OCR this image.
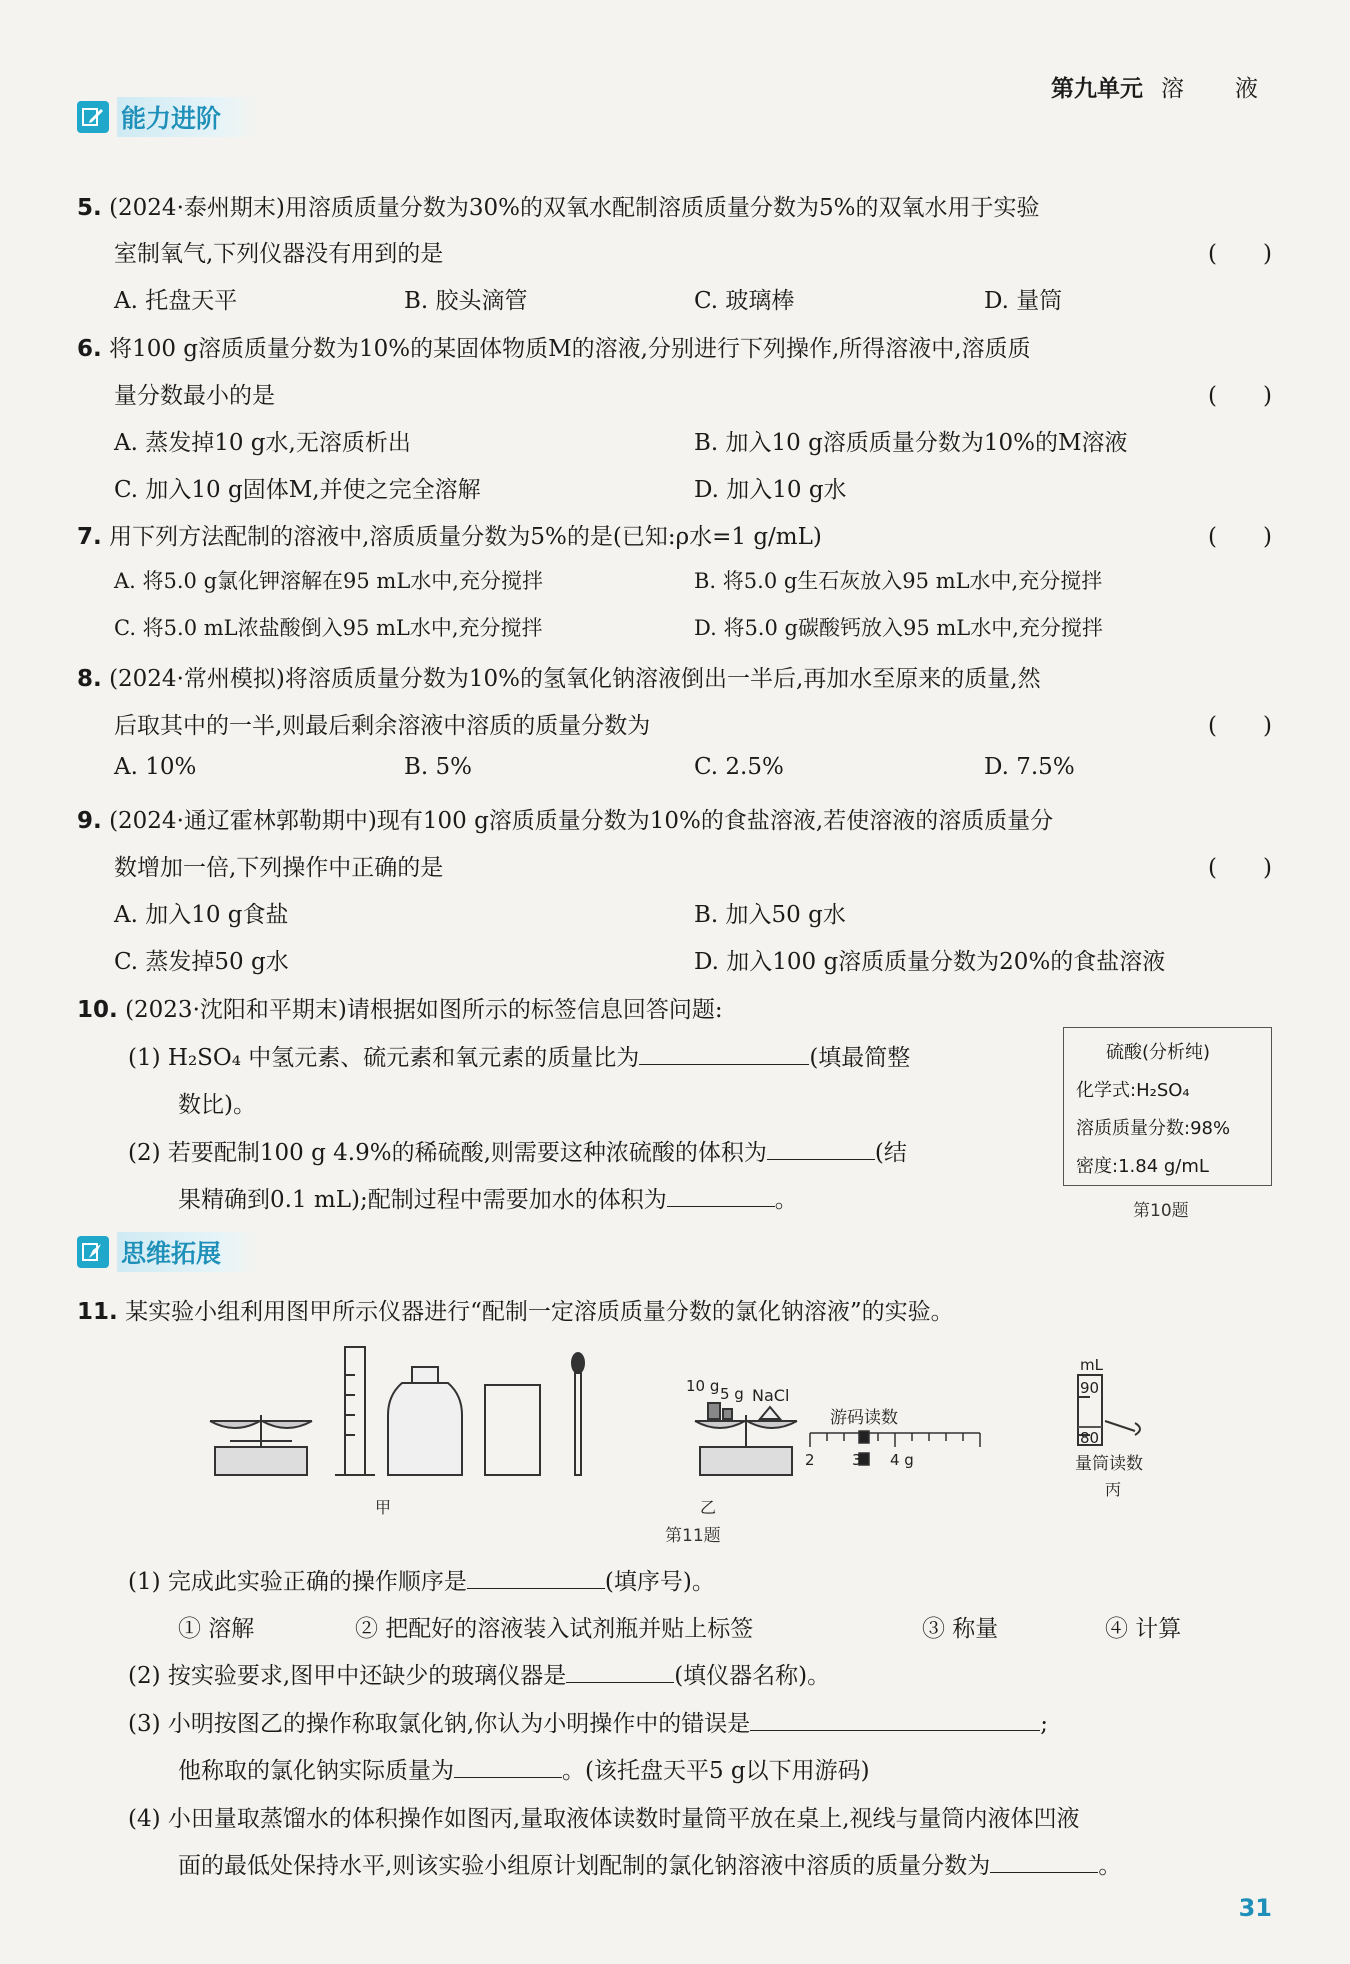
第九单元 溶　液
能力进阶
5. (2024·泰州期末)用溶质质量分数为30%的双氧水配制溶质质量分数为5%的双氧水用于实验
室制氧气,下列仪器没有用到的是	(　　)
A. 托盘天平	B. 胶头滴管	C. 玻璃棒	D. 量筒
6. 将100 g溶质质量分数为10%的某固体物质M的溶液,分别进行下列操作,所得溶液中,溶质质
量分数最小的是	(　　)
A. 蒸发掉10 g水,无溶质析出	B. 加入10 g溶质质量分数为10%的M溶液
C. 加入10 g固体M,并使之完全溶解	D. 加入10 g水
7. 用下列方法配制的溶液中,溶质质量分数为5%的是(已知:ρ水=1 g/mL)	(　　)
A. 将5.0 g氯化钾溶解在95 mL水中,充分搅拌	B. 将5.0 g生石灰放入95 mL水中,充分搅拌
C. 将5.0 mL浓盐酸倒入95 mL水中,充分搅拌	D. 将5.0 g碳酸钙放入95 mL水中,充分搅拌
8. (2024·常州模拟)将溶质质量分数为10%的氢氧化钠溶液倒出一半后,再加水至原来的质量,然
后取其中的一半,则最后剩余溶液中溶质的质量分数为	(　　)
A. 10%	B. 5%	C. 2.5%	D. 7.5%
9. (2024·通辽霍林郭勒期中)现有100 g溶质质量分数为10%的食盐溶液,若使溶液的溶质质量分
数增加一倍,下列操作中正确的是	(　　)
A. 加入10 g食盐	B. 加入50 g水
C. 蒸发掉50 g水	D. 加入100 g溶质质量分数为20%的食盐溶液
10. (2023·沈阳和平期末)请根据如图所示的标签信息回答问题:
(1) H₂SO₄ 中氢元素、硫元素和氧元素的质量比为	(填最简整
数比)。
(2) 若要配制100 g 4.9%的稀硫酸,则需要这种浓硫酸的体积为	(结
果精确到0.1 mL);配制过程中需要加水的体积为	。
硫酸(分析纯)
化学式:H₂SO₄
溶质质量分数:98%
密度:1.84 g/mL
第10题
思维拓展
11. 某实验小组利用图甲所示仪器进行“配制一定溶质质量分数的氯化钠溶液”的实验。
甲
10 g 5 g NaCl
乙
游码读数
2 3 4 g
mL
90
80
量筒读数
丙
第11题
(1) 完成此实验正确的操作顺序是	(填序号)。
① 溶解	② 把配好的溶液装入试剂瓶并贴上标签	③ 称量	④ 计算
(2) 按实验要求,图甲中还缺少的玻璃仪器是	(填仪器名称)。
(3) 小明按图乙的操作称取氯化钠,你认为小明操作中的错误是	;
他称取的氯化钠实际质量为	。(该托盘天平5 g以下用游码)
(4) 小田量取蒸馏水的体积操作如图丙,量取液体读数时量筒平放在桌上,视线与量筒内液体凹液
面的最低处保持水平,则该实验小组原计划配制的氯化钠溶液中溶质的质量分数为	。
31
